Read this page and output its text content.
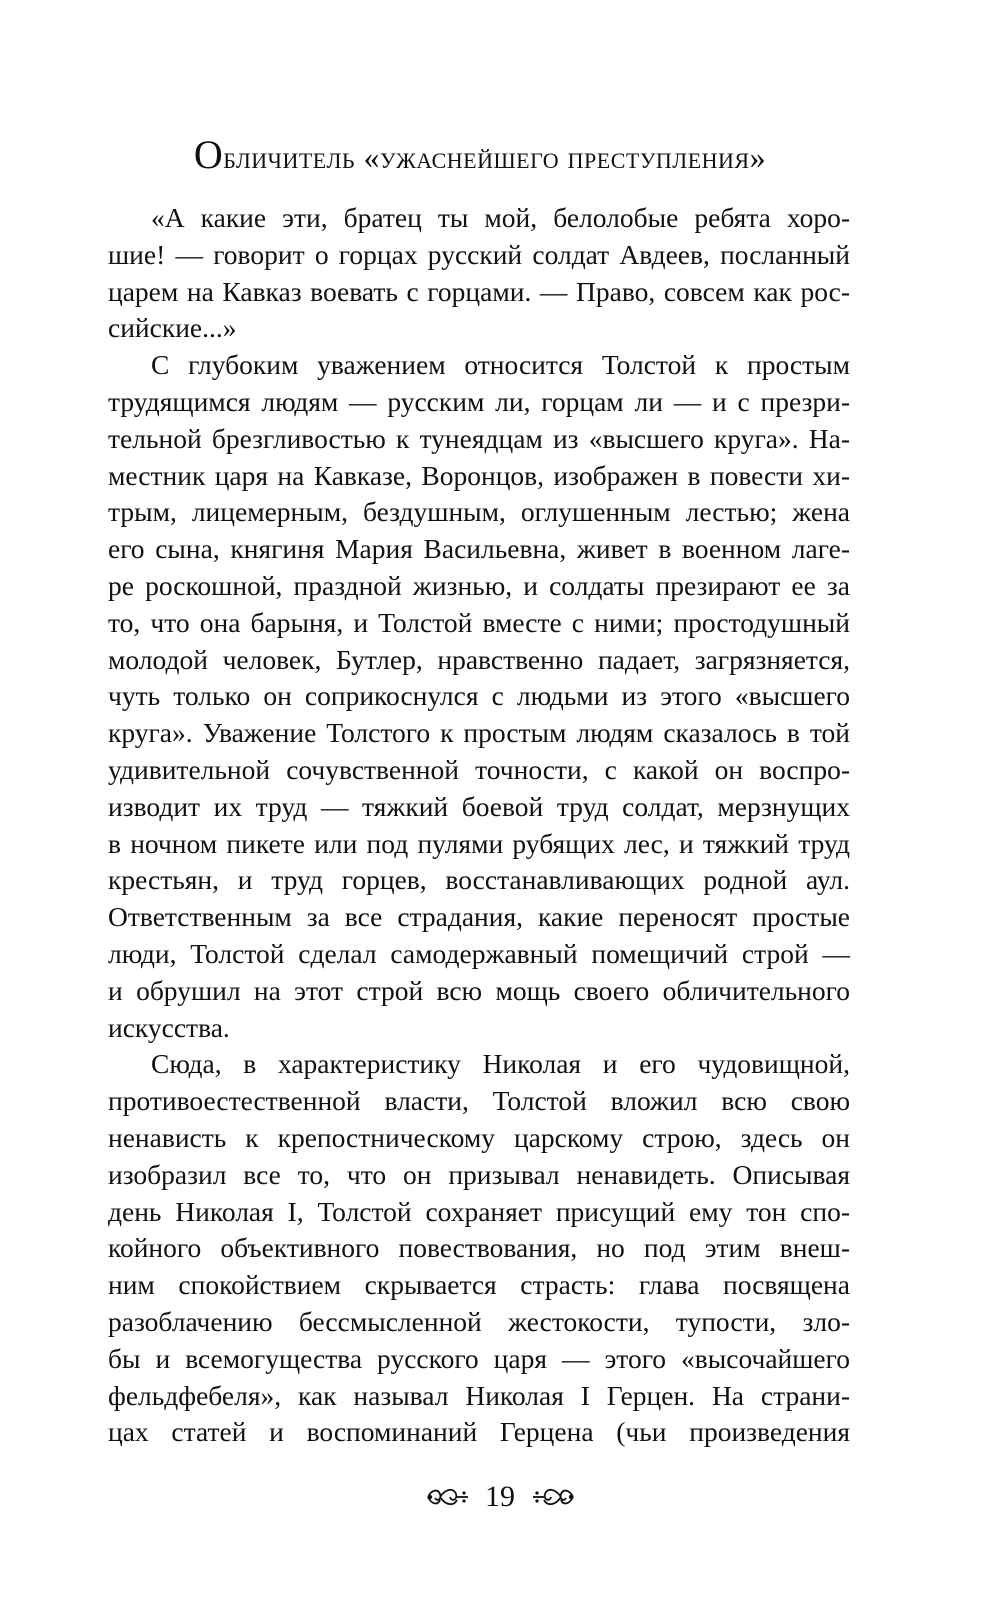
Обличитель «ужаснейшего преступления»

«А какие эти, братец ты мой, белолобые ребята хоро-
шие! — говорит о горцах русский солдат Авдеев, посланный
царем на Кавказ воевать с горцами. — Право, совсем как рос-
сийские...»

С глубоким уважением относится Толстой к простым
трудящимся людям — русским ли, горцам ли — и с презри-
тельной брезгливостью к тунеядцам из «высшего круга». На-
местник царя на Кавказе, Воронцов, изображен в повести хи-
трым, лицемерным, бездушным, оглушенным лестью; жена
его сына, княгиня Мария Васильевна, живет в военном лаге-
ре роскошной, праздной жизнью, и солдаты презирают ее за
то, что она барыня, и Толстой вместе с ними; простодушный
молодой человек, Бутлер, нравственно падает, загрязняется,
чуть только он соприкоснулся с людьми из этого «высшего
круга». Уважение Толстого к простым людям сказалось в той
удивительной сочувственной точности, с какой он воспро-
изводит их труд — тяжкий боевой труд солдат, мерзнущих
в ночном пикете или под пулями рубящих лес, и тяжкий труд
крестьян, и труд горцев, восстанавливающих родной аул.
Ответственным за все страдания, какие переносят простые
люди, Толстой сделал самодержавный помещичий строй —
и обрушил на этот строй всю мощь своего обличительного
искусства.

Сюда, в характеристику Николая и его чудовищной,
противоестественной власти, Толстой вложил всю свою
ненависть к крепостническому царскому строю, здесь он
изобразил все то, что он призывал ненавидеть. Описывая
день Николая I, Толстой сохраняет присущий ему тон спо-
койного объективного повествования, но под этим внеш-
ним спокойствием скрывается страсть: глава посвящена
разоблачению бессмысленной жестокости, тупости, зло-
бы и всемогущества русского царя — этого «высочайшего
фельдфебеля», как называл Николая I Герцен. На страни-
цах статей и воспоминаний Герцена (чьи произведения

19
